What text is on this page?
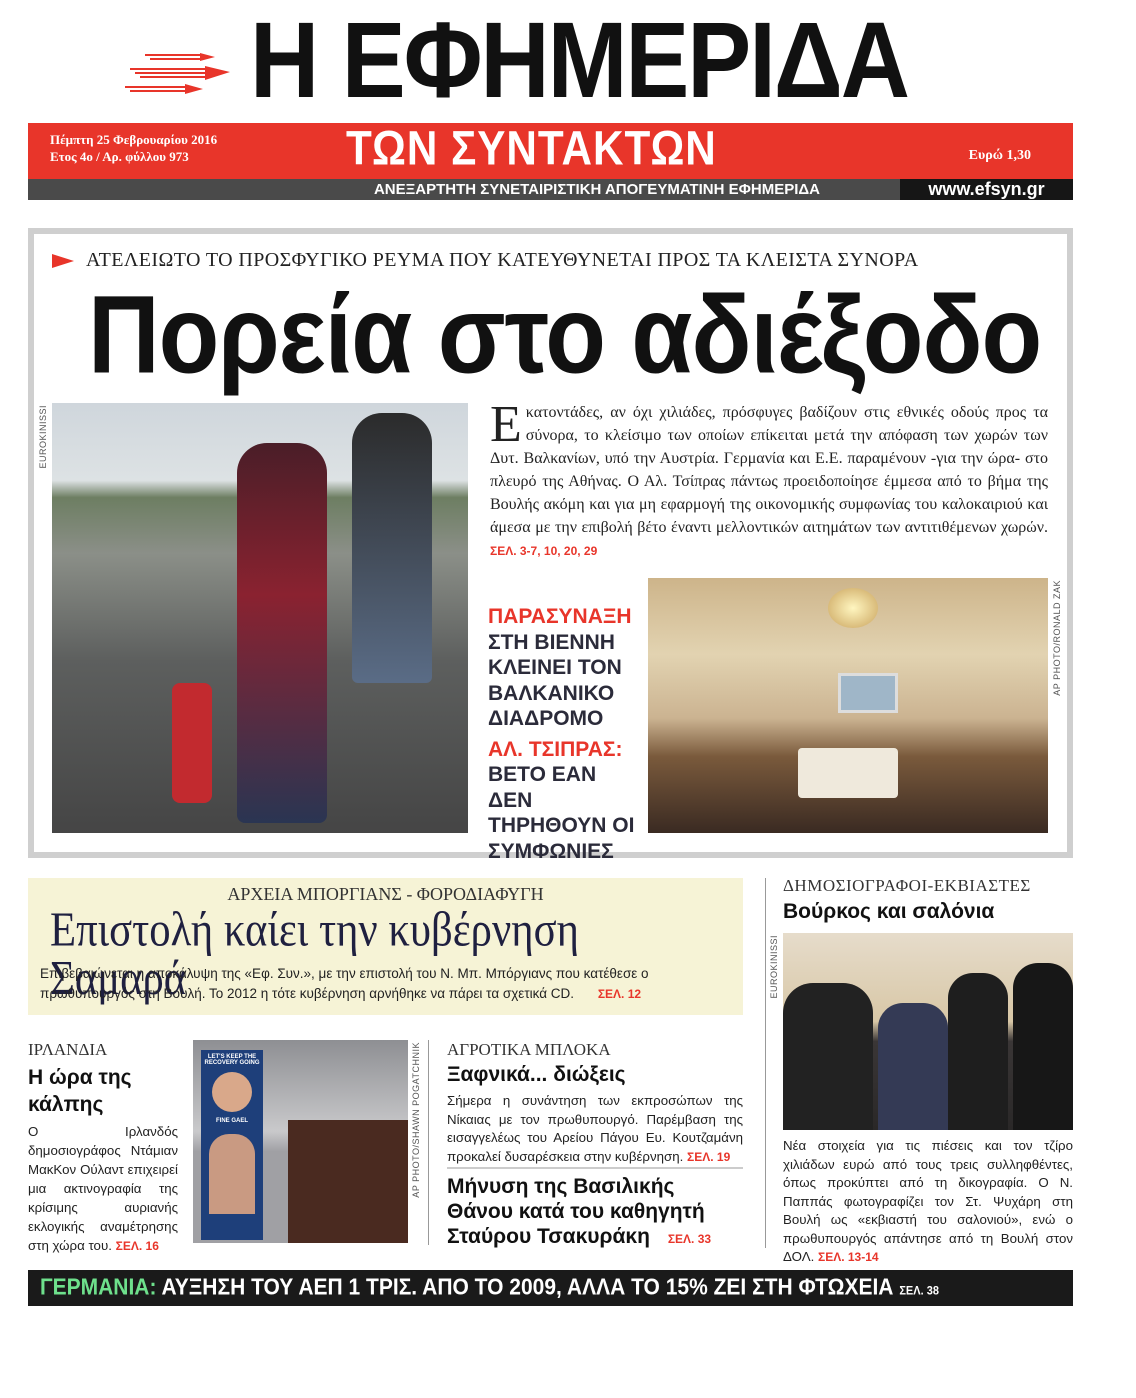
Η ΕΦΗΜΕΡΙΔΑ
Πέμπτη 25 Φεβρουαρίου 2016
Ετος 4ο / Αρ. φύλλου 973	ΤΩΝ ΣΥΝΤΑΚΤΩΝ	Ευρώ 1,30
ΑΝΕΞΑΡΤΗΤΗ ΣΥΝΕΤΑΙΡΙΣΤΙΚΗ ΑΠΟΓΕΥΜΑΤΙΝΗ ΕΦΗΜΕΡΙΔΑ	www.efsyn.gr
ΑΤΕΛΕΙΩΤΟ ΤΟ ΠΡΟΣΦΥΓΙΚΟ ΡΕΥΜΑ ΠΟΥ ΚΑΤΕΥΘΥΝΕΤΑΙ ΠΡΟΣ ΤΑ ΚΛΕΙΣΤΑ ΣΥΝΟΡΑ
Πορεία στο αδιέξοδο
EUROKINISSI	Εκατοντάδες, αν όχι χιλιάδες, πρόσφυγες βαδίζουν στις εθνικές οδούς προς τα σύνορα, το κλείσιμο των οποίων επίκειται μετά την απόφαση των χωρών των Δυτ. Βαλκανίων, υπό την Αυστρία. Γερμανία και Ε.Ε. παραμένουν -για την ώρα- στο πλευρό της Αθήνας. Ο Αλ. Τσίπρας πάντως προειδοποίησε έμμεσα από το βήμα της Βουλής ακόμη και για μη εφαρμογή της οικονομικής συμφωνίας του καλοκαιριού και άμεσα με την επιβολή βέτο έναντι μελλοντικών αιτημάτων των αντιτιθέμενων χωρών. ΣΕΛ. 3-7, 10, 20, 29
ΠΑΡΑΣΥΝΑΞΗ
ΣΤΗ ΒΙΕΝΝΗ ΚΛΕΙΝΕΙ ΤΟΝ ΒΑΛΚΑΝΙΚΟ ΔΙΑΔΡΟΜΟ
ΑΛ. ΤΣΙΠΡΑΣ:
ΒΕΤΟ ΕΑΝ ΔΕΝ ΤΗΡΗΘΟΥΝ ΟΙ ΣΥΜΦΩΝΙΕΣ
AP PHOTO/RONALD ZAK
ΑΡΧΕΙΑ ΜΠΟΡΓΙΑΝΣ - ΦΟΡΟΔΙΑΦΥΓΗ
Επιστολή καίει την κυβέρνηση Σαμαρά
Επιβεβαιώνεται η αποκάλυψη της «Εφ. Συν.», με την επιστολή του Ν. Μπ. Μπόργιανς που κατέθεσε ο πρωθυπουργός στη Βουλή. Το 2012 η τότε κυβέρνηση αρνήθηκε να πάρει τα σχετικά CD. ΣΕΛ. 12
ΔΗΜΟΣΙΟΓΡΑΦΟΙ-ΕΚΒΙΑΣΤΕΣ
Βούρκος και σαλόνια
EUROKINISSI
Νέα στοιχεία για τις πιέσεις και τον τζίρο χιλιάδων ευρώ από τους τρεις συλληφθέντες, όπως προκύπτει από τη δικογραφία. Ο Ν. Παππάς φωτογραφίζει τον Στ. Ψυχάρη στη Βουλή ως «εκβιαστή του σαλονιού», ενώ ο πρωθυπουργός απάντησε από τη Βουλή στον ΔΟΛ. ΣΕΛ. 13-14
ΙΡΛΑΝΔΙΑ
Η ώρα της κάλπης
Ο Ιρλανδός δημοσιογράφος Ντάμιαν ΜακΚον Ούλαντ επιχειρεί μια ακτινογραφία της κρίσιμης αυριανής εκλογικής αναμέτρησης στη χώρα του. ΣΕΛ. 16
LET'S KEEP THE RECOVERY GOING
FINE GAEL	AP PHOTO/SHAWN POGATCHNIK ΑΓΡΟΤΙΚΑ ΜΠΛΟΚΑ
Ξαφνικά... διώξεις
Σήμερα η συνάντηση των εκπροσώπων της Νίκαιας με τον πρωθυπουργό. Παρέμβαση της εισαγγελέως του Αρείου Πάγου Ευ. Κουτζαμάνη προκαλεί δυσαρέσκεια στην κυβέρνηση. ΣΕΛ. 19
Μήνυση της Βασιλικής Θάνου κατά του καθηγητή Σταύρου Τσακυράκη ΣΕΛ. 33
ΓΕΡΜΑΝΙΑ: ΑΥΞΗΣΗ ΤΟΥ ΑΕΠ 1 ΤΡΙΣ. ΑΠΟ ΤΟ 2009, ΑΛΛΑ ΤΟ 15% ΖΕΙ ΣΤΗ ΦΤΩΧΕΙΑ ΣΕΛ. 38
